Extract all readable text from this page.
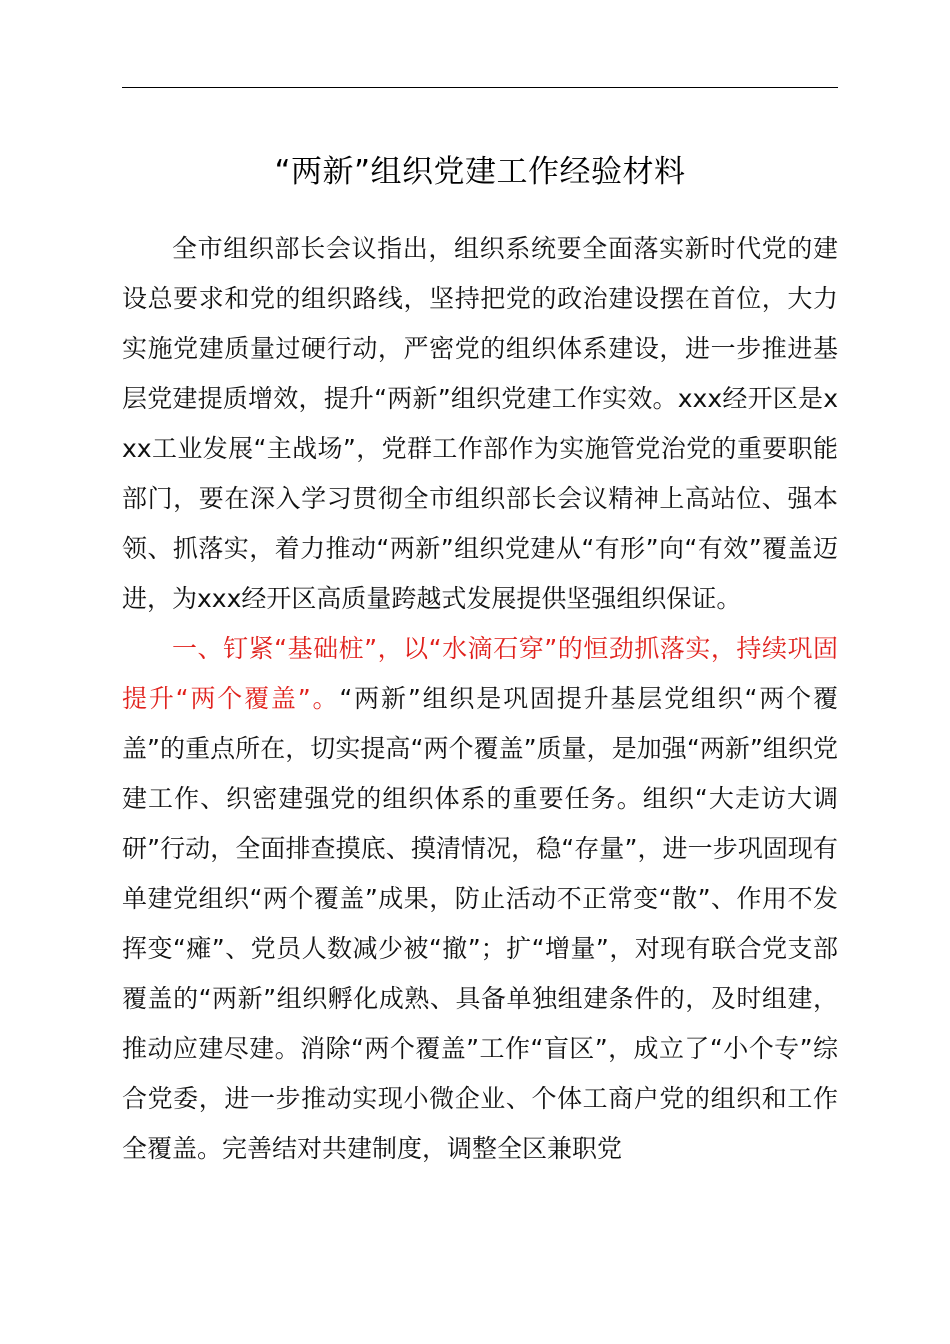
“两新”组织党建工作经验材料

全市组织部长会议指出，组织系统要全面落实新时代党的建设总要求和党的组织路线，坚持把党的政治建设摆在首位，大力实施党建质量过硬行动，严密党的组织体系建设，进一步推进基层党建提质增效，提升“两新”组织党建工作实效。xxx经开区是xxx工业发展“主战场”，党群工作部作为实施管党治党的重要职能部门，要在深入学习贯彻全市组织部长会议精神上高站位、强本领、抓落实，着力推动“两新”组织党建从“有形”向“有效”覆盖迈进，为xxx经开区高质量跨越式发展提供坚强组织保证。

一、钉紧“基础桩”，以“水滴石穿”的恒劲抓落实，持续巩固提升“两个覆盖”。“两新”组织是巩固提升基层党组织“两个覆盖”的重点所在，切实提高“两个覆盖”质量，是加强“两新”组织党建工作、织密建强党的组织体系的重要任务。组织“大走访大调研”行动，全面排查摸底、摸清情况，稳“存量”，进一步巩固现有单建党组织“两个覆盖”成果，防止活动不正常变“散”、作用不发挥变“瘫”、党员人数减少被“撤”；扩“增量”，对现有联合党支部覆盖的“两新”组织孵化成熟、具备单独组建条件的，及时组建，推动应建尽建。消除“两个覆盖”工作“盲区”，成立了“小个专”综合党委，进一步推动实现小微企业、个体工商户党的组织和工作全覆盖。完善结对共建制度，调整全区兼职党
